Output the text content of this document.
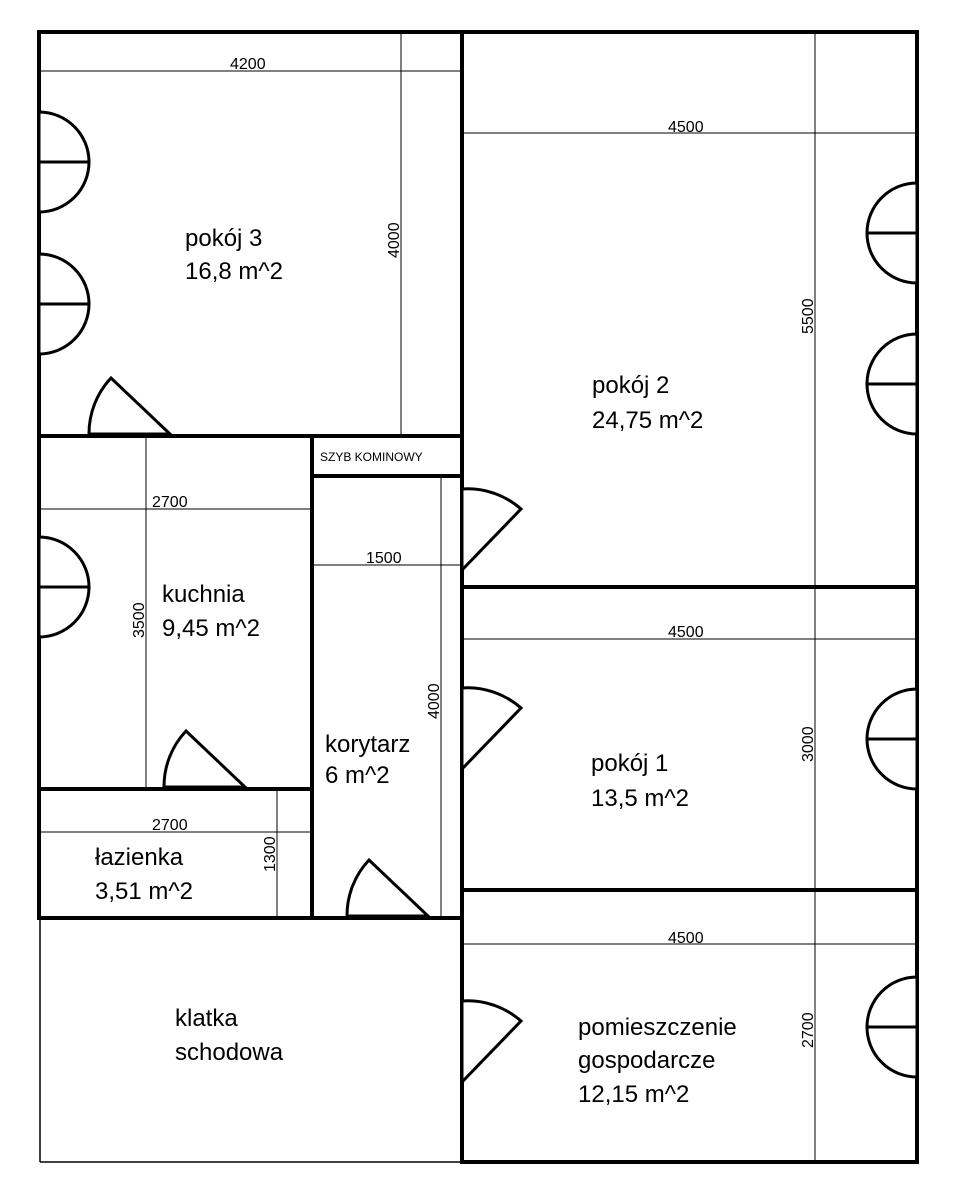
pokój 3
16,8 m^2
pokój 2
24,75 m^2
kuchnia
9,45 m^2
korytarz
6 m^2	pokój 1
13,5 m^2
łazienka
3,51 m^2
klatka
schodowa
pomieszczenie
gospodarcze
12,15 m^2
SZYB KOMINOWY
4200
4000
4500
5500
2700
3500
1500
4000
4500
3000
2700
1300
4500
2700
